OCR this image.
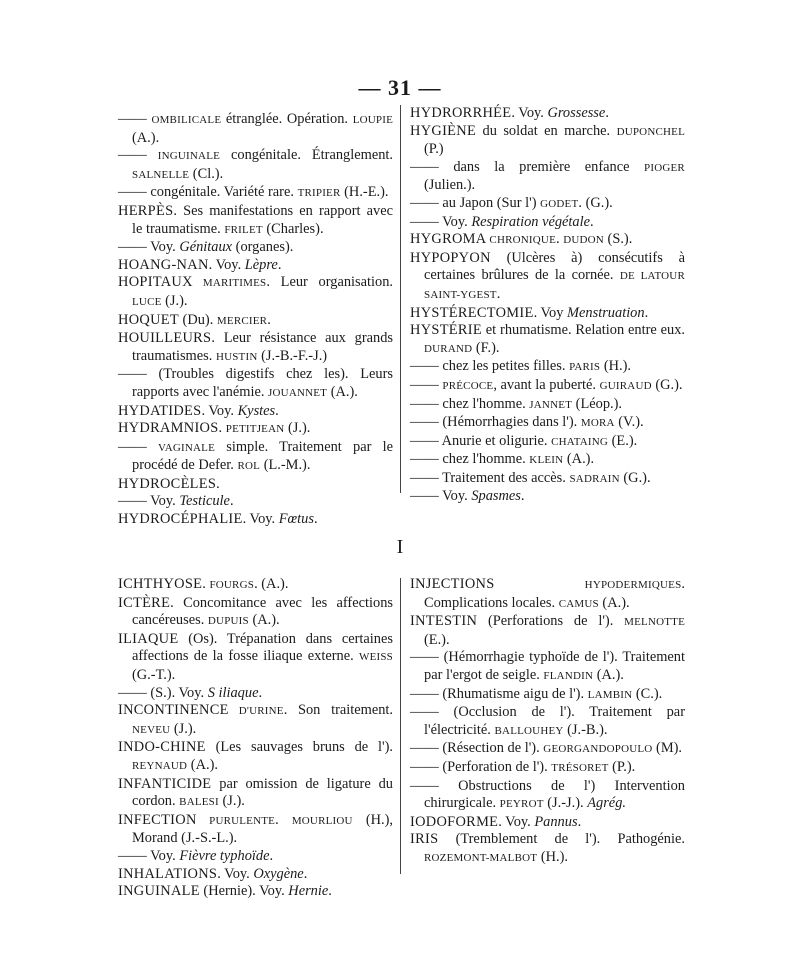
— 31 —

—— OMBILICALE étranglée. Opération. LOUPIE (A.).

—— INGUINALE congénitale. Étranglement. SALNELLE (Cl.).

—— congénitale. Variété rare. TRIPIER (H.-E.).

HERPÈS. Ses manifestations en rapport avec le traumatisme. FRILET (Charles).

—— Voy. Génitaux (organes).

HOANG-NAN. Voy. Lèpre.

HOPITAUX MARITIMES. Leur organisation. LUCE (J.).

HOQUET (Du). MERCIER.

HOUILLEURS. Leur résistance aux grands traumatismes. HUSTIN (J.-B.-F.-J.)

—— (Troubles digestifs chez les). Leurs rapports avec l'anémie. JOUANNET (A.).

HYDATIDES. Voy. Kystes.

HYDRAMNIOS. PETITJEAN (J.).

—— VAGINALE simple. Traitement par le procédé de Defer. ROL (L.-M.).

HYDROCÈLES.

—— Voy. Testicule.

HYDROCÉPHALIE. Voy. Fœtus.

HYDRORRHÉE. Voy. Grossesse.

HYGIÈNE du soldat en marche. DUPONCHEL (P.)

—— dans la première enfance PIOGER (Julien.).

—— au Japon (Sur l') GODET. (G.).

—— Voy. Respiration végétale.

HYGROMA CHRONIQUE. DUDON (S.).

HYPOPYON (Ulcères à) consécutifs à certaines brûlures de la cornée. DE LATOUR SAINT-YGEST.

HYSTÉRECTOMIE. Voy Menstruation.

HYSTÉRIE et rhumatisme. Relation entre eux. DURAND (F.).

—— chez les petites filles. PARIS (H.).

—— PRÉCOCE, avant la puberté. GUIRAUD (G.).

—— chez l'homme. JANNET (Léop.).

—— (Hémorrhagies dans l'). MORA (V.).

—— Anurie et oligurie. CHATAING (E.).

—— chez l'homme. KLEIN (A.).

—— Traitement des accès. SADRAIN (G.).

—— Voy. Spasmes.

I

ICHTHYOSE. FOURGS. (A.).

ICTÈRE. Concomitance avec les affections cancéreuses. DUPUIS (A.).

ILIAQUE (Os). Trépanation dans certaines affections de la fosse iliaque externe. WEISS (G.-T.).

—— (S.). Voy. S iliaque.

INCONTINENCE D'URINE. Son traitement. NEVEU (J.).

INDO-CHINE (Les sauvages bruns de l'). REYNAUD (A.).

INFANTICIDE par omission de ligature du cordon. BALESI (J.).

INFECTION PURULENTE. MOURLIOU (H.), Morand (J.-S.-L.).

—— Voy. Fièvre typhoïde.

INHALATIONS. Voy. Oxygène.

INGUINALE (Hernie). Voy. Hernie.

INJECTIONS HYPODERMIQUES. Complications locales. CAMUS (A.).

INTESTIN (Perforations de l'). MELNOTTE (E.).

—— (Hémorrhagie typhoïde de l'). Traitement par l'ergot de seigle. FLANDIN (A.).

—— (Rhumatisme aigu de l'). LAMBIN (C.).

—— (Occlusion de l'). Traitement par l'électricité. BALLOUHEY (J.-B.).

—— (Résection de l'). GEORGANDOPOULO (M).

—— (Perforation de l'). TRÉSORET (P.).

—— Obstructions de l') Intervention chirurgicale. PEYROT (J.-J.). Agrég.

IODOFORME. Voy. Pannus.

IRIS (Tremblement de l'). Pathogénie. ROZEMONT-MALBOT (H.).
